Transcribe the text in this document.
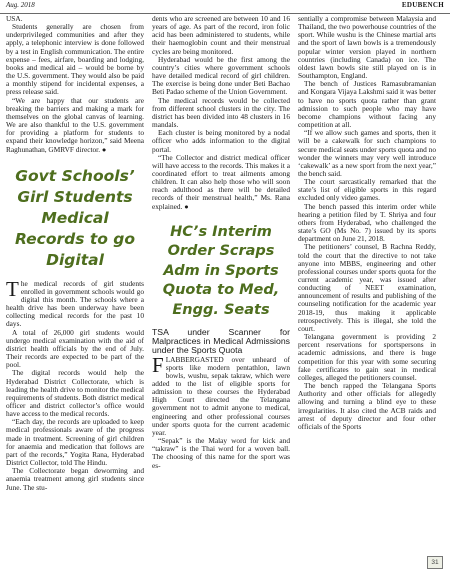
Aug. 2018	EDUBENCH

USA.

Students generally are chosen from underprivileged communities and after they apply, a telephonic interview is done followed by a test in English communication. The entire expense – fees, airfare, boarding and lodging, books and medical aid – would be borne by the U.S. government. They would also be paid a monthly stipend for incidental expenses, a press release said.

“We are happy that our students are breaking the barriers and making a mark for themselves on the global canvas of learning. We are also thankful to the U.S. government for providing a platform for students to expand their knowledge horizon,” said Meena Raghunathan, GMRVF director. ●

Govt Schools’ Girl Students Medical Records to go Digital

The medical records of girl students enrolled in government schools would go digital this month. The schools where a health drive has been underway have been collecting medical records for the past 10 days.

A total of 26,000 girl students would undergo medical examination with the aid of district health officials by the end of July. Their records are expected to be part of the pool.

The digital records would help the Hyderabad District Collectorate, which is leading the health drive to monitor the medical requirements of students. Both district medical officer and district collector’s office would have access to the medical records.

“Each day, the records are uploaded to keep medical professionals aware of the progress made in treatment. Screening of girl children for anaemia and medication that follows are part of the records,” Yogita Rana, Hyderabad District Collector, told The Hindu.

The Collectorate began deworming and anaemia treatment among girl students since June. The stu-

dents who are screened are between 10 and 16 years of age. As part of the record, iron folic acid has been administered to students, while their haemoglobin count and their menstrual cycles are being monitored.

Hyderabad would be the first among the country’s cities where government schools have detailed medical record of girl children. The exercise is being done under Beti Bachao Beti Padao scheme of the Union Government.

The medical records would be collected from different school clusters in the city. The district has been divided into 48 clusters in 16 mandals.

Each cluster is being monitored by a nodal officer who adds information to the digital portal.

“The Collector and district medical officer will have access to the records. This makes it a coordinated effort to treat ailments among children. It can also help those who will soon reach adulthood as there will be detailed records of their menstrual health,” Ms. Rana explained. ●

HC’s Interim Order Scraps Adm in Sports Quota to Med, Engg. Seats

TSA under Scanner for Malpractices in Medical Admissions under the Sports Quota

FLABBERGASTED over unheard of sports like modern pentathlon, lawn bowls, wushu, sepak takraw, which were added to the list of eligible sports for admission to these courses the Hyderabad High Court directed the Telangana government not to admit anyone to medical, engineering and other professional courses under sports quota for the current academic year.

“Sepak” is the Malay word for kick and “takraw” is the Thai word for a woven ball. The choosing of this name for the sport was es-

sentially a compromise between Malaysia and Thailand, the two powerhouse countries of the sport. While wushu is the Chinese martial arts and the sport of lawn bowls is a tremendously popular winter version played in northern countries (including Canada) on ice. The oldest lawn bowls site still played on is in Southampton, England.

The bench of Justices Ramasubramanian and Kongara Vijaya Lakshmi said it was better to have no sports quota rather than grant admission to such people who may have become champions without facing any competition at all.

“If we allow such games and sports, then it will be a cakewalk for such champions to secure medical seats under sports quota and no wonder the winners may very well introduce ‘cakewalk’ as a new sport from the next year,” the bench said.

The court sarcastically remarked that the state’s list of eligible sports in this regard excluded only video games.

The bench passed this interim order while hearing a petition filed by T. Shriya and four others from Hyderabad, who challenged the state’s GO (Ms No. 7) issued by its sports department on June 21, 2018.

The petitioners’ counsel, B Rachna Reddy, told the court that the directive to not take anyone into MBBS, engineering and other professional courses under sports quota for the current academic year, was issued after conducting of NEET examination, announcement of results and publishing of the counseling notification for the academic year 2018-19, thus making it applicable retrospectively. This is illegal, she told the court.

Telangana government is providing 2 percent reservations for sportspersons in academic admissions, and there is huge competition for this year with some securing fake certificates to gain seat in medical colleges, alleged the petitioners counsel.

The bench rapped the Telangana Sports Authority and other officials for allegedly allowing and turning a blind eye to these irregularities. It also cited the ACB raids and arrest of deputy director and four other officials of the Sports

31
